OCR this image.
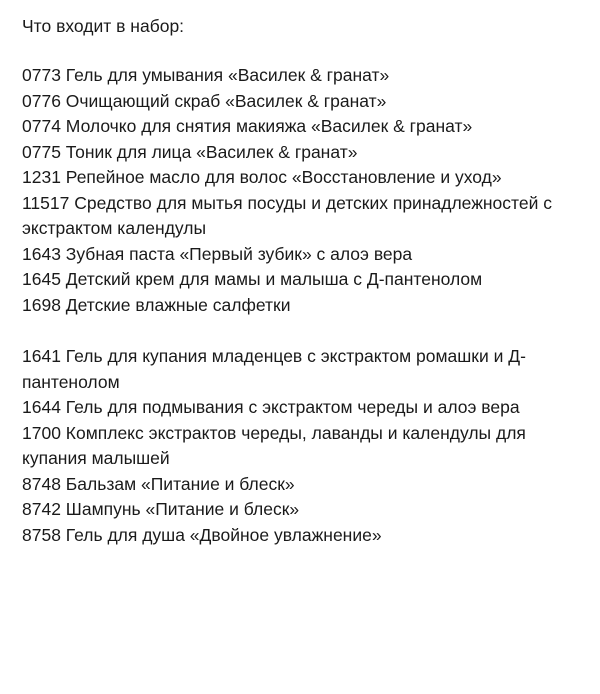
Что входит в набор:

0773 Гель для умывания «Василек & гранат»

0776 Очищающий скраб «Василек & гранат»

0774 Молочко для снятия макияжа «Василек & гранат»

0775 Тоник для лица «Василек & гранат»

1231 Репейное масло для волос «Восстановление и уход»

11517 Средство для мытья посуды и детских принадлежностей с экстрактом календулы

1643 Зубная паста «Первый зубик» с алоэ вера

1645 Детский крем для мамы и малыша с Д-пантенолом

1698 Детские влажные салфетки

1641 Гель для купания младенцев с экстрактом ромашки и Д-пантенолом

1644 Гель для подмывания с экстрактом череды и алоэ вера

1700 Комплекс экстрактов череды, лаванды и календулы для купания малышей

8748 Бальзам «Питание и блеск»

8742 Шампунь «Питание и блеск»

8758 Гель для душа «Двойное увлажнение»
